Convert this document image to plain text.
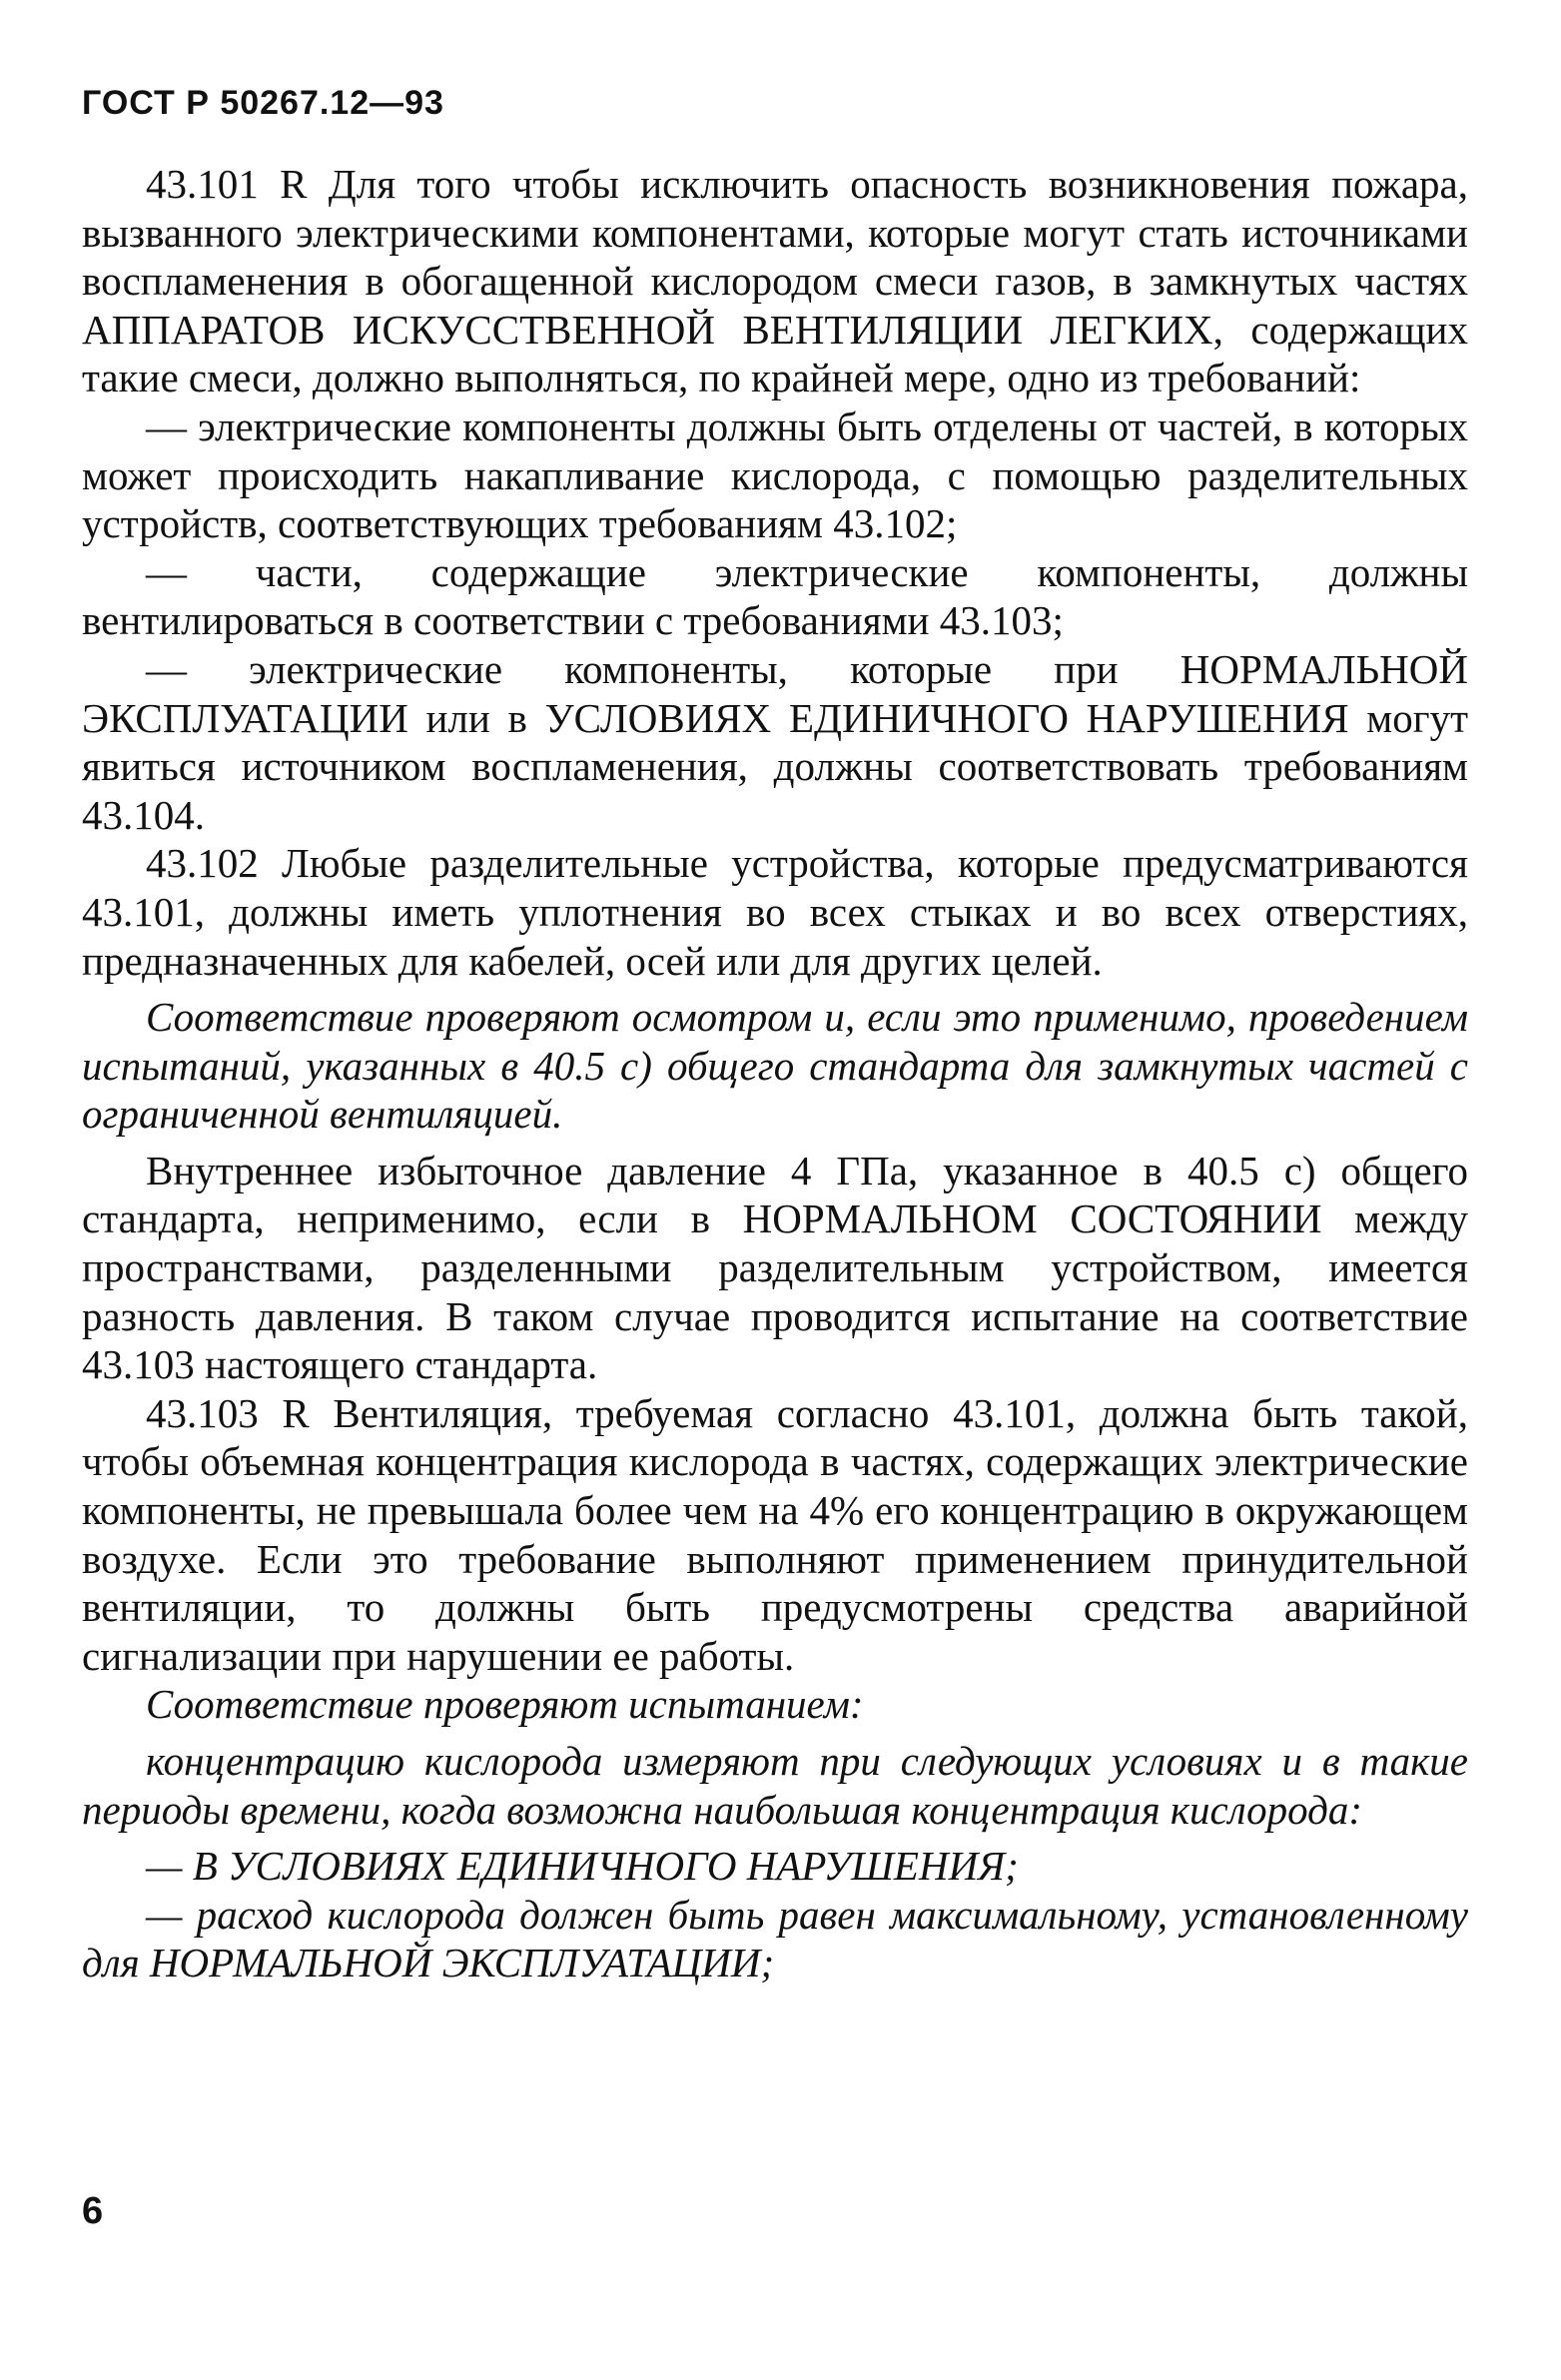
ГОСТ Р 50267.12—93

43.101 R Для того чтобы исключить опасность возникновения пожара, вызванного электрическими компонентами, которые могут стать источниками воспламенения в обогащенной кислородом смеси газов, в замкнутых частях АППАРАТОВ ИСКУССТВЕННОЙ ВЕНТИЛЯЦИИ ЛЕГКИХ, содержащих такие смеси, должно выполняться, по крайней мере, одно из требований:

— электрические компоненты должны быть отделены от частей, в которых может происходить накапливание кислорода, с помощью разделительных устройств, соответствующих требованиям 43.102;

— части, содержащие электрические компоненты, должны вентилироваться в соответствии с требованиями 43.103;

— электрические компоненты, которые при НОРМАЛЬНОЙ ЭКСПЛУАТАЦИИ или в УСЛОВИЯХ ЕДИНИЧНОГО НАРУШЕНИЯ могут явиться источником воспламенения, должны соответствовать требованиям 43.104.

43.102 Любые разделительные устройства, которые предусматриваются 43.101, должны иметь уплотнения во всех стыках и во всех отверстиях, предназначенных для кабелей, осей или для других целей.

Соответствие проверяют осмотром и, если это применимо, проведением испытаний, указанных в 40.5 с) общего стандарта для замкнутых частей с ограниченной вентиляцией.

Внутреннее избыточное давление 4 ГПа, указанное в 40.5 с) общего стандарта, неприменимо, если в НОРМАЛЬНОМ СОСТОЯНИИ между пространствами, разделенными разделительным устройством, имеется разность давления. В таком случае проводится испытание на соответствие 43.103 настоящего стандарта.

43.103 R Вентиляция, требуемая согласно 43.101, должна быть такой, чтобы объемная концентрация кислорода в частях, содержащих электрические компоненты, не превышала более чем на 4% его концентрацию в окружающем воздухе. Если это требование выполняют применением принудительной вентиляции, то должны быть предусмотрены средства аварийной сигнализации при нарушении ее работы.

Соответствие проверяют испытанием:

концентрацию кислорода измеряют при следующих условиях и в такие периоды времени, когда возможна наибольшая концентрация кислорода:

— В УСЛОВИЯХ ЕДИНИЧНОГО НАРУШЕНИЯ;

— расход кислорода должен быть равен максимальному, установленному для НОРМАЛЬНОЙ ЭКСПЛУАТАЦИИ;

6
